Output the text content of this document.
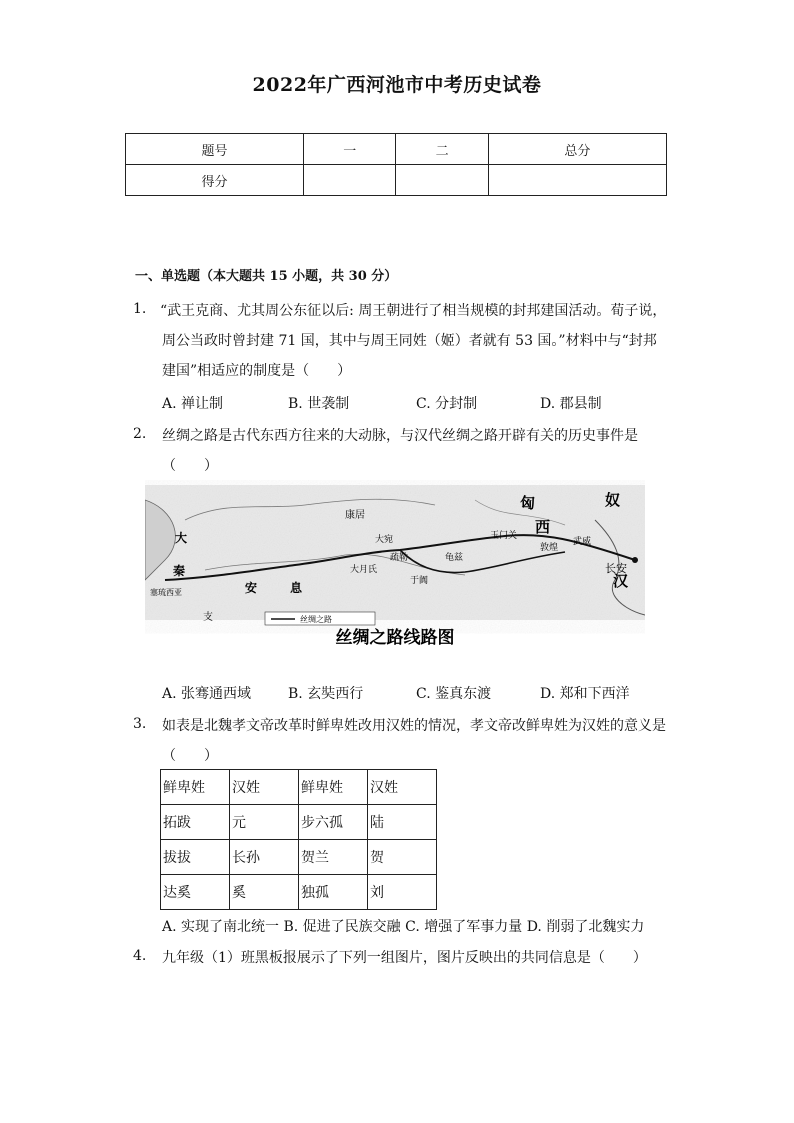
2022年广西河池市中考历史试卷
题号	一	二	总分
得分			
一、单选题（本大题共 15 小题，共 30 分）
1. “武王克商、尤其周公东征以后: 周王朝进行了相当规模的封邦建国活动。荀子说，
周公当政时曾封建 71 国，其中与周王同姓（姬）者就有 53 国。”材料中与“封邦
建国”相适应的制度是（　　）
A. 禅让制	B. 世袭制	C. 分封制	D. 郡县制
2. 丝绸之路是古代东西方往来的大动脉，与汉代丝绸之路开辟有关的历史事件是
（　　）
匈	奴
西
汉
长安
大
秦
安	息
支
大宛
疏勒
于阗
龟兹
玉门关
敦煌
武威
康居
大月氏
塞琉西亚
丝绸之路
丝绸之路线路图
A. 张骞通西域	B. 玄奘西行	C. 鉴真东渡	D. 郑和下西洋
3. 如表是北魏孝文帝改革时鲜卑姓改用汉姓的情况，孝文帝改鲜卑姓为汉姓的意义是
（　　）
鲜卑姓	汉姓	鲜卑姓	汉姓
拓跋	元	步六孤	陆
拔拔	长孙	贺兰	贺
达奚	奚	独孤	刘
A. 实现了南北统一 B. 促进了民族交融 C. 增强了军事力量 D. 削弱了北魏实力
4. 九年级（1）班黑板报展示了下列一组图片，图片反映出的共同信息是（　　）
